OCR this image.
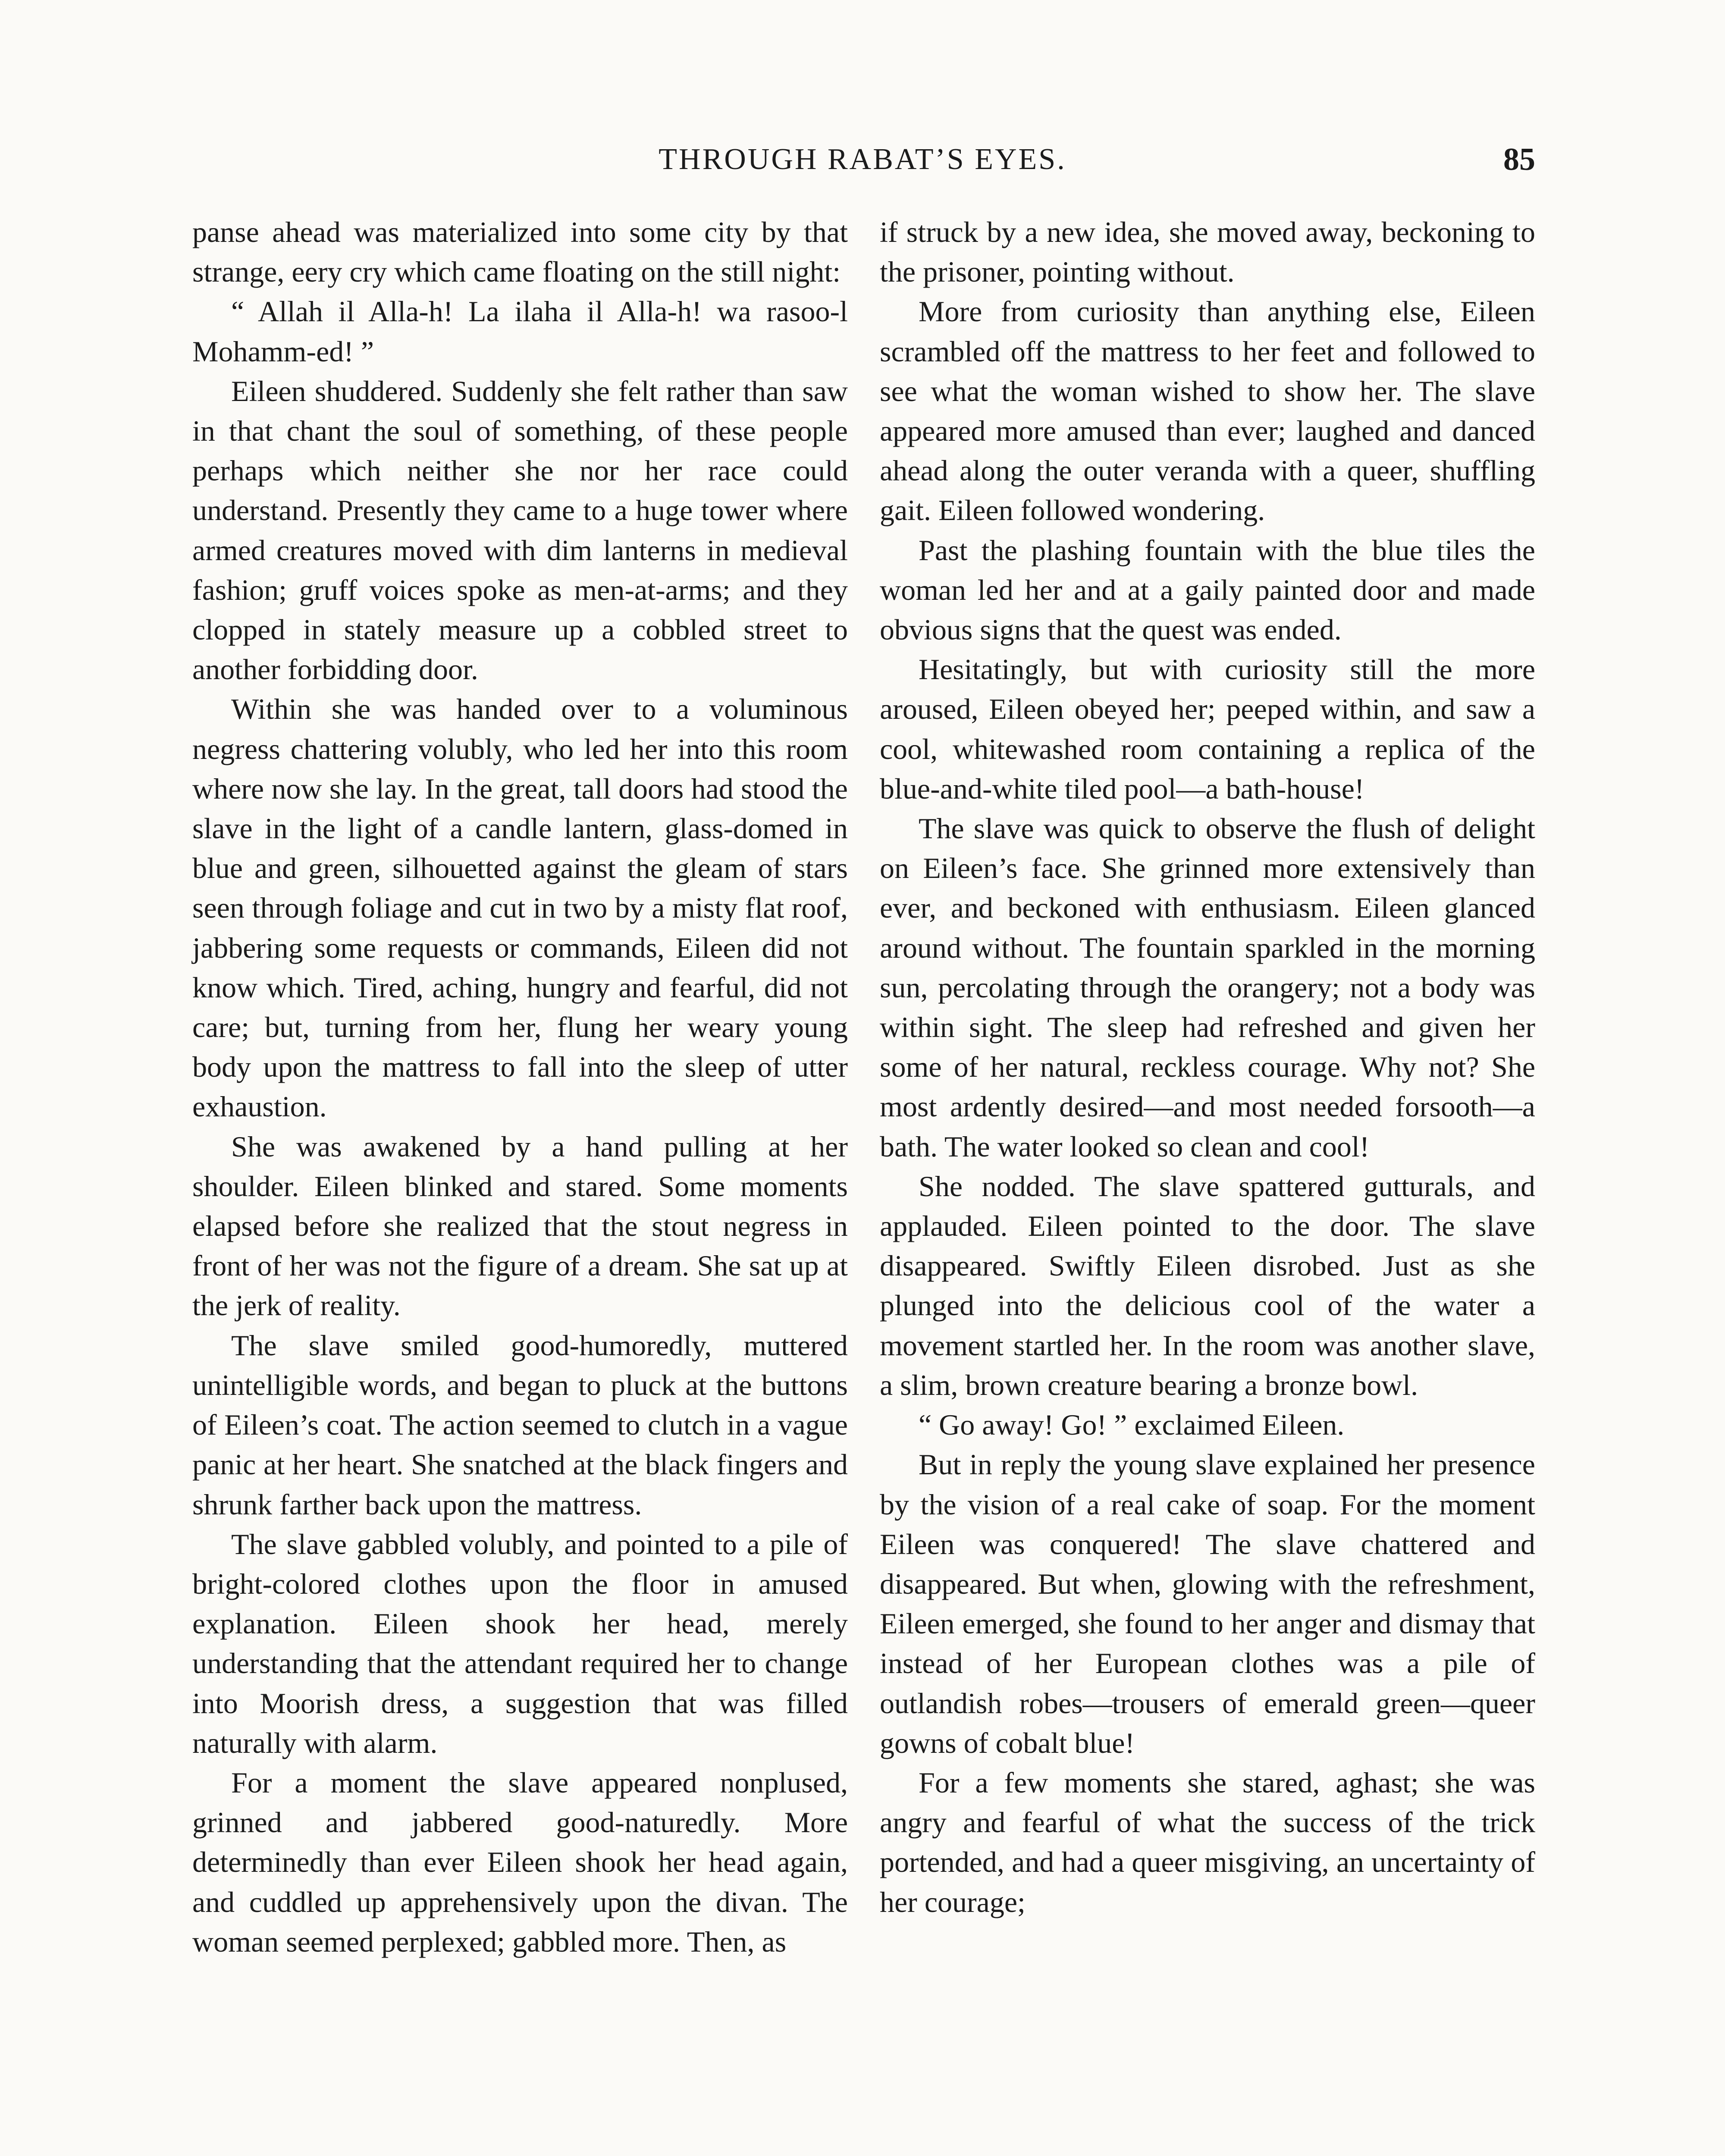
THROUGH RABAT’S EYES.	85

panse ahead was materialized into some city by that strange, eery cry which came floating on the still night:

“ Allah il Alla-h! La ilaha il Alla-h! wa rasoo-l Mohamm-ed! ”

Eileen shuddered. Suddenly she felt rather than saw in that chant the soul of something, of these people perhaps which neither she nor her race could understand. Presently they came to a huge tower where armed creatures moved with dim lanterns in medieval fashion; gruff voices spoke as men-at-arms; and they clopped in stately measure up a cobbled street to another forbidding door.

Within she was handed over to a voluminous negress chattering volubly, who led her into this room where now she lay. In the great, tall doors had stood the slave in the light of a candle lantern, glass-domed in blue and green, silhouetted against the gleam of stars seen through foliage and cut in two by a misty flat roof, jabbering some requests or commands, Eileen did not know which. Tired, aching, hungry and fearful, did not care; but, turning from her, flung her weary young body upon the mattress to fall into the sleep of utter exhaustion.

She was awakened by a hand pulling at her shoulder. Eileen blinked and stared. Some moments elapsed before she realized that the stout negress in front of her was not the figure of a dream. She sat up at the jerk of reality.

The slave smiled good-humoredly, muttered unintelligible words, and began to pluck at the buttons of Eileen’s coat. The action seemed to clutch in a vague panic at her heart. She snatched at the black fingers and shrunk farther back upon the mattress.

The slave gabbled volubly, and pointed to a pile of bright-colored clothes upon the floor in amused explanation. Eileen shook her head, merely understanding that the attendant required her to change into Moorish dress, a suggestion that was filled naturally with alarm.

For a moment the slave appeared nonplused, grinned and jabbered good-naturedly. More determinedly than ever Eileen shook her head again, and cuddled up apprehensively upon the divan. The woman seemed perplexed; gabbled more. Then, as

if struck by a new idea, she moved away, beckoning to the prisoner, pointing without.

More from curiosity than anything else, Eileen scrambled off the mattress to her feet and followed to see what the woman wished to show her. The slave appeared more amused than ever; laughed and danced ahead along the outer veranda with a queer, shuffling gait. Eileen followed wondering.

Past the plashing fountain with the blue tiles the woman led her and at a gaily painted door and made obvious signs that the quest was ended.

Hesitatingly, but with curiosity still the more aroused, Eileen obeyed her; peeped within, and saw a cool, whitewashed room containing a replica of the blue-and-white tiled pool—a bath-house!

The slave was quick to observe the flush of delight on Eileen’s face. She grinned more extensively than ever, and beckoned with enthusiasm. Eileen glanced around without. The fountain sparkled in the morning sun, percolating through the orangery; not a body was within sight. The sleep had refreshed and given her some of her natural, reckless courage. Why not? She most ardently desired—and most needed forsooth—a bath. The water looked so clean and cool!

She nodded. The slave spattered gutturals, and applauded. Eileen pointed to the door. The slave disappeared. Swiftly Eileen disrobed. Just as she plunged into the delicious cool of the water a movement startled her. In the room was another slave, a slim, brown creature bearing a bronze bowl.

“ Go away! Go! ” exclaimed Eileen.

But in reply the young slave explained her presence by the vision of a real cake of soap. For the moment Eileen was conquered! The slave chattered and disappeared. But when, glowing with the refreshment, Eileen emerged, she found to her anger and dismay that instead of her European clothes was a pile of outlandish robes—trousers of emerald green—queer gowns of cobalt blue!

For a few moments she stared, aghast; she was angry and fearful of what the success of the trick portended, and had a queer misgiving, an uncertainty of her courage;
